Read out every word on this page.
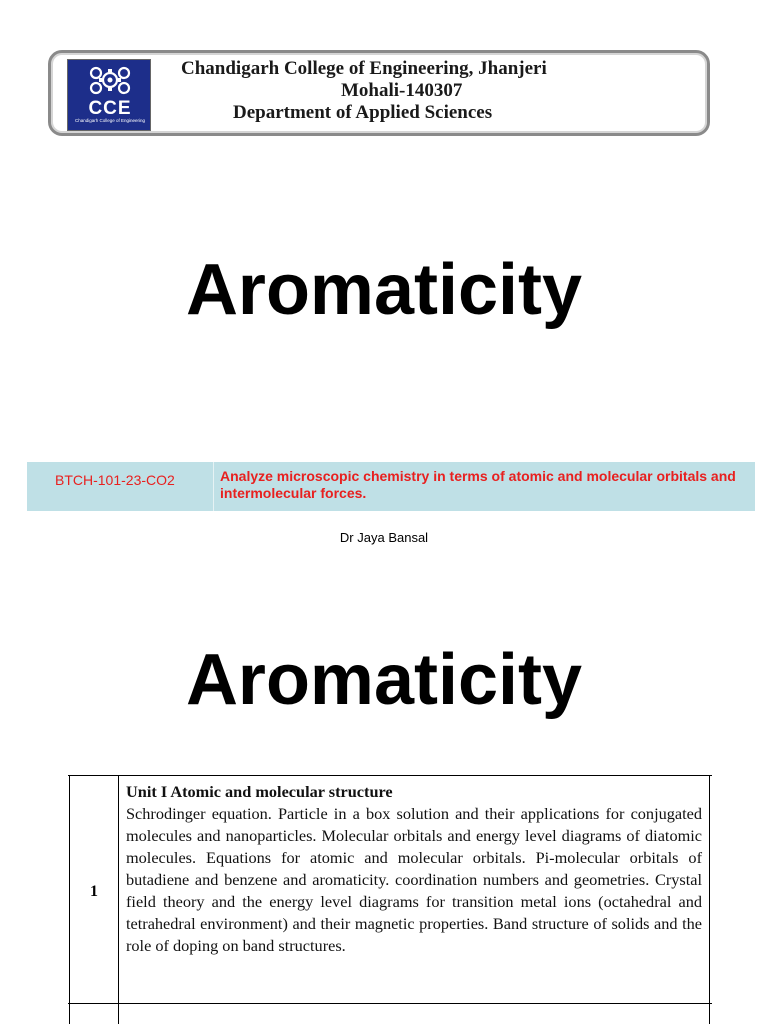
CCE
Chandigarh College of Engineering
Chandigarh College of Engineering, Jhanjeri
Mohali-140307
Department of Applied Sciences
Aromaticity
BTCH-101-23-CO2	Analyze microscopic chemistry in terms of atomic and molecular orbitals and intermolecular forces.
Dr Jaya Bansal
Aromaticity
1
Unit I Atomic and molecular structure
Schrodinger equation. Particle in a box solution and their applications for conjugated molecules and nanoparticles. Molecular orbitals and energy level diagrams of diatomic molecules. Equations for atomic and molecular orbitals. Pi-molecular orbitals of butadiene and benzene and aromaticity. coordination numbers and geometries. Crystal field theory and the energy level diagrams for transition metal ions (octahedral and tetrahedral environment) and their magnetic properties. Band structure of solids and the role of doping on band structures.
